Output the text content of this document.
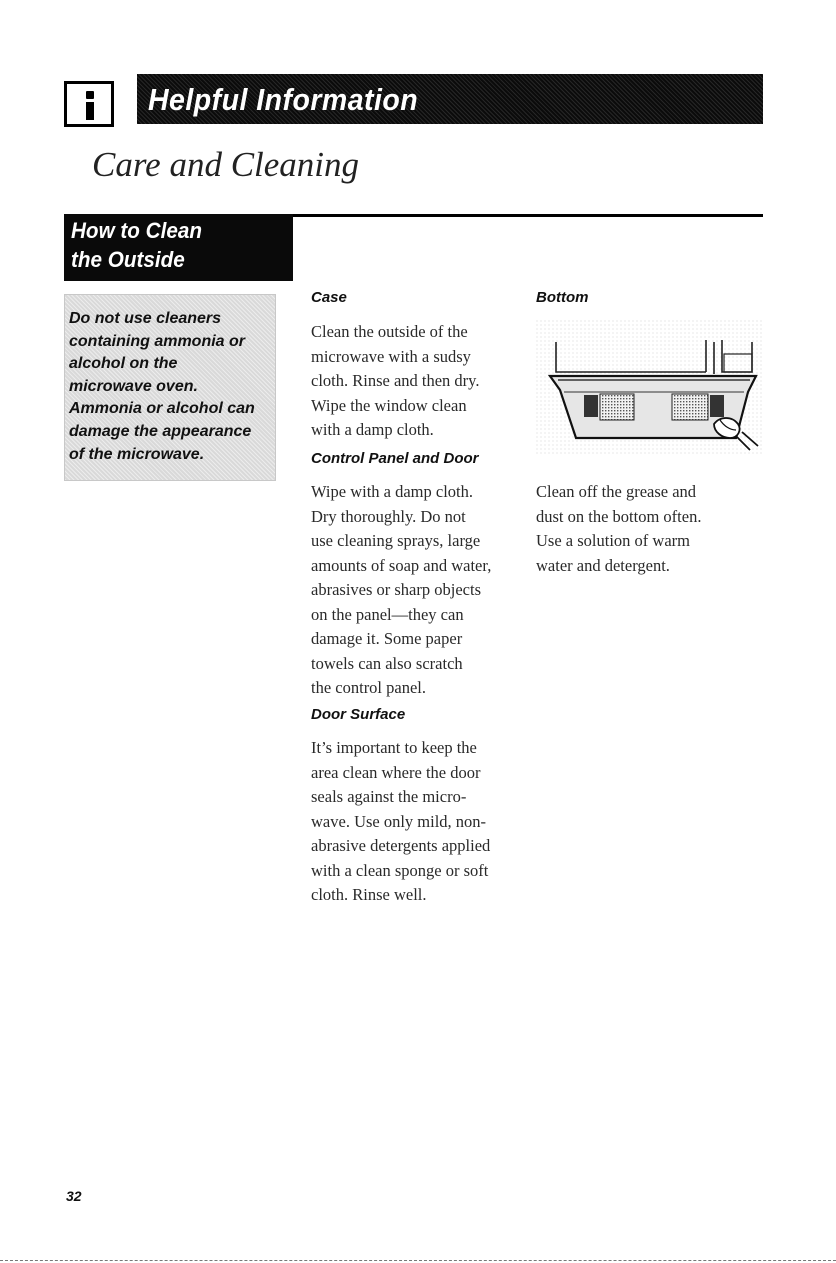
Helpful Information
Care and Cleaning
How to Clean
the Outside
Do not use cleaners
containing ammonia or
alcohol on the
microwave oven.
Ammonia or alcohol can
damage the appearance
of the microwave.
Case
Clean the outside of the
microwave with a sudsy
cloth. Rinse and then dry.
Wipe the window clean
with a damp cloth.
Control Panel and Door
Wipe with a damp cloth.
Dry thoroughly. Do not
use cleaning sprays, large
amounts of soap and water,
abrasives or sharp objects
on the panel—they can
damage it. Some paper
towels can also scratch
the control panel.
Door Surface
It’s important to keep the
area clean where the door
seals against the micro-
wave. Use only mild, non-
abrasive detergents applied
with a clean sponge or soft
cloth. Rinse well.
Bottom
Clean off the grease and
dust on the bottom often.
Use a solution of warm
water and detergent.
32
